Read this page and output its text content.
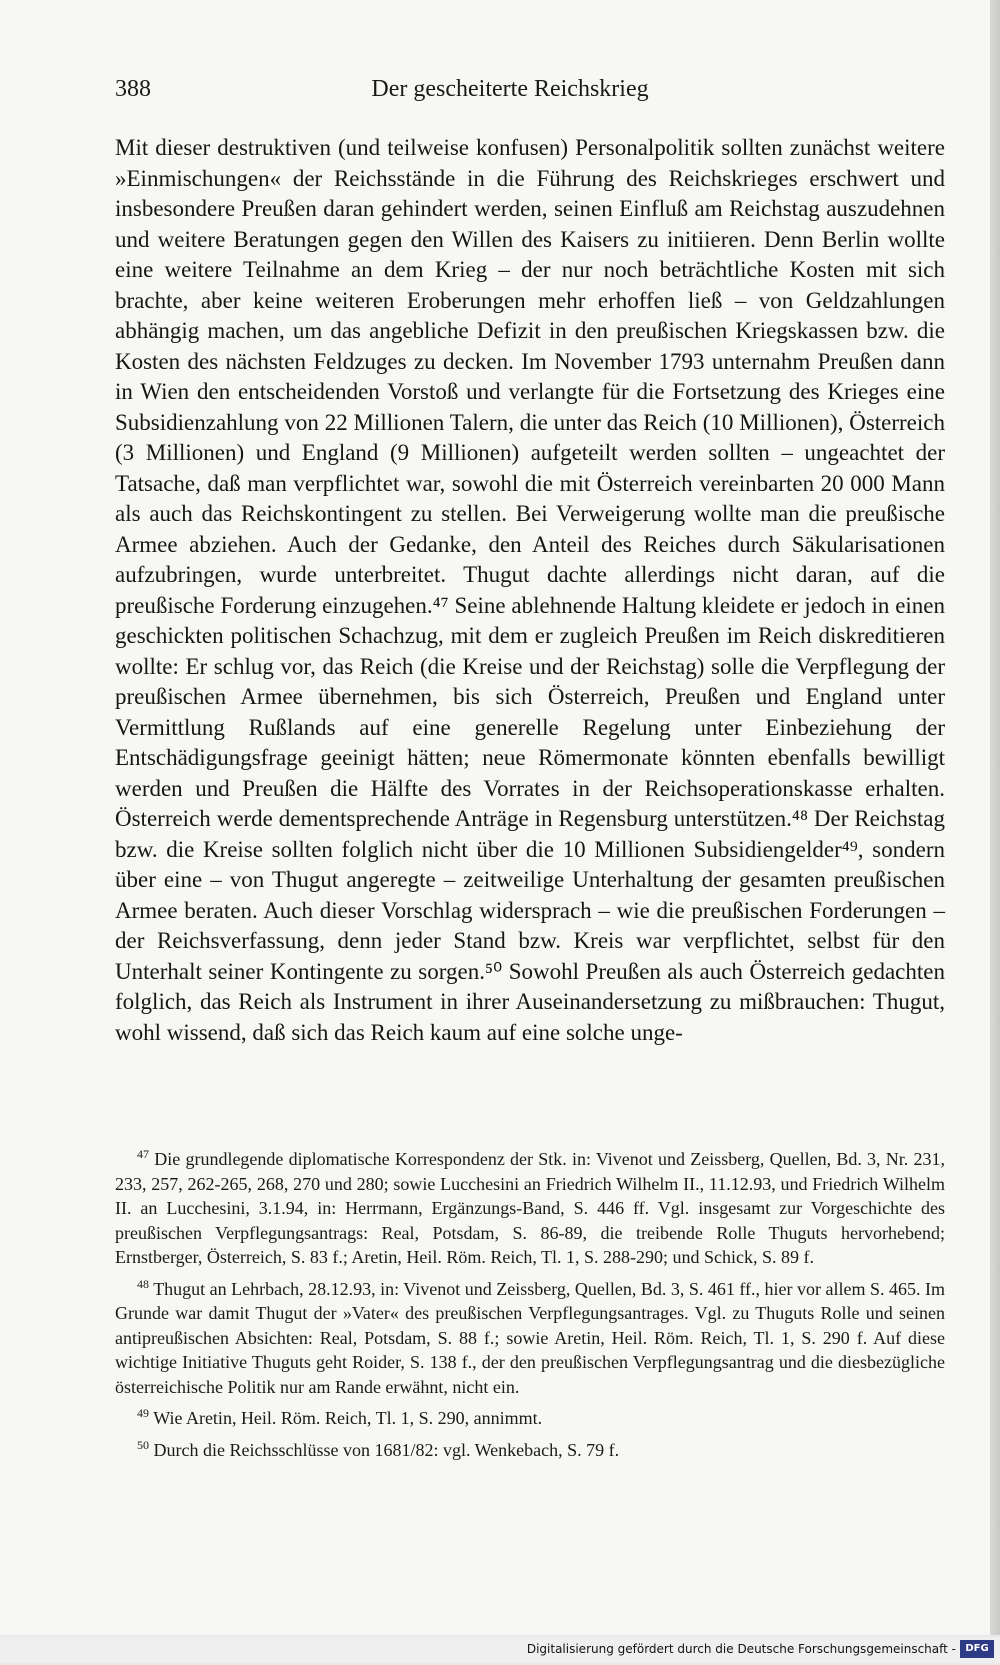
388	Der gescheiterte Reichskrieg

Mit dieser destruktiven (und teilweise konfusen) Personalpolitik sollten zunächst weitere »Einmischungen« der Reichsstände in die Führung des Reichskrieges erschwert und insbesondere Preußen daran gehindert werden, seinen Einfluß am Reichstag auszudehnen und weitere Beratungen gegen den Willen des Kaisers zu initiieren. Denn Berlin wollte eine weitere Teilnahme an dem Krieg – der nur noch beträchtliche Kosten mit sich brachte, aber keine weiteren Eroberungen mehr erhoffen ließ – von Geldzahlungen abhängig machen, um das angebliche Defizit in den preußischen Kriegskassen bzw. die Kosten des nächsten Feldzuges zu decken. Im November 1793 unternahm Preußen dann in Wien den entscheidenden Vorstoß und verlangte für die Fortsetzung des Krieges eine Subsidienzahlung von 22 Millionen Talern, die unter das Reich (10 Millionen), Österreich (3 Millionen) und England (9 Millionen) aufgeteilt werden sollten – ungeachtet der Tatsache, daß man verpflichtet war, sowohl die mit Österreich vereinbarten 20 000 Mann als auch das Reichskontingent zu stellen. Bei Verweigerung wollte man die preußische Armee abziehen. Auch der Gedanke, den Anteil des Reiches durch Säkularisationen aufzubringen, wurde unterbreitet. Thugut dachte allerdings nicht daran, auf die preußische Forderung einzugehen.⁴⁷ Seine ablehnende Haltung kleidete er jedoch in einen geschickten politischen Schachzug, mit dem er zugleich Preußen im Reich diskreditieren wollte: Er schlug vor, das Reich (die Kreise und der Reichstag) solle die Verpflegung der preußischen Armee übernehmen, bis sich Österreich, Preußen und England unter Vermittlung Rußlands auf eine generelle Regelung unter Einbeziehung der Entschädigungsfrage geeinigt hätten; neue Römermonate könnten ebenfalls bewilligt werden und Preußen die Hälfte des Vorrates in der Reichsoperationskasse erhalten. Österreich werde dementsprechende Anträge in Regensburg unterstützen.⁴⁸ Der Reichstag bzw. die Kreise sollten folglich nicht über die 10 Millionen Subsidiengelder⁴⁹, sondern über eine – von Thugut angeregte – zeitweilige Unterhaltung der gesamten preußischen Armee beraten. Auch dieser Vorschlag widersprach – wie die preußischen Forderungen – der Reichsverfassung, denn jeder Stand bzw. Kreis war verpflichtet, selbst für den Unterhalt seiner Kontingente zu sorgen.⁵⁰ Sowohl Preußen als auch Österreich gedachten folglich, das Reich als Instrument in ihrer Auseinandersetzung zu mißbrauchen: Thugut, wohl wissend, daß sich das Reich kaum auf eine solche unge-

$^{47}$ Die grundlegende diplomatische Korrespondenz der Stk. in: Vivenot und Zeissberg, Quellen, Bd. 3, Nr. 231, 233, 257, 262-265, 268, 270 und 280; sowie Lucchesini an Friedrich Wilhelm II., 11.12.93, und Friedrich Wilhelm II. an Lucchesini, 3.1.94, in: Herrmann, Ergänzungs-Band, S. 446 ff. Vgl. insgesamt zur Vorgeschichte des preußischen Verpflegungsantrags: Real, Potsdam, S. 86-89, die treibende Rolle Thuguts hervorhebend; Ernstberger, Österreich, S. 83 f.; Aretin, Heil. Röm. Reich, Tl. 1, S. 288-290; und Schick, S. 89 f.

$^{48}$ Thugut an Lehrbach, 28.12.93, in: Vivenot und Zeissberg, Quellen, Bd. 3, S. 461 ff., hier vor allem S. 465. Im Grunde war damit Thugut der »Vater« des preußischen Verpflegungsantrages. Vgl. zu Thuguts Rolle und seinen antipreußischen Absichten: Real, Potsdam, S. 88 f.; sowie Aretin, Heil. Röm. Reich, Tl. 1, S. 290 f. Auf diese wichtige Initiative Thuguts geht Roider, S. 138 f., der den preußischen Verpflegungsantrag und die diesbezügliche österreichische Politik nur am Rande erwähnt, nicht ein.

$^{49}$ Wie Aretin, Heil. Röm. Reich, Tl. 1, S. 290, annimmt.

$^{50}$ Durch die Reichsschlüsse von 1681/82: vgl. Wenkebach, S. 79 f.

Digitalisierung gefördert durch die Deutsche Forschungsgemeinschaft - DFG
